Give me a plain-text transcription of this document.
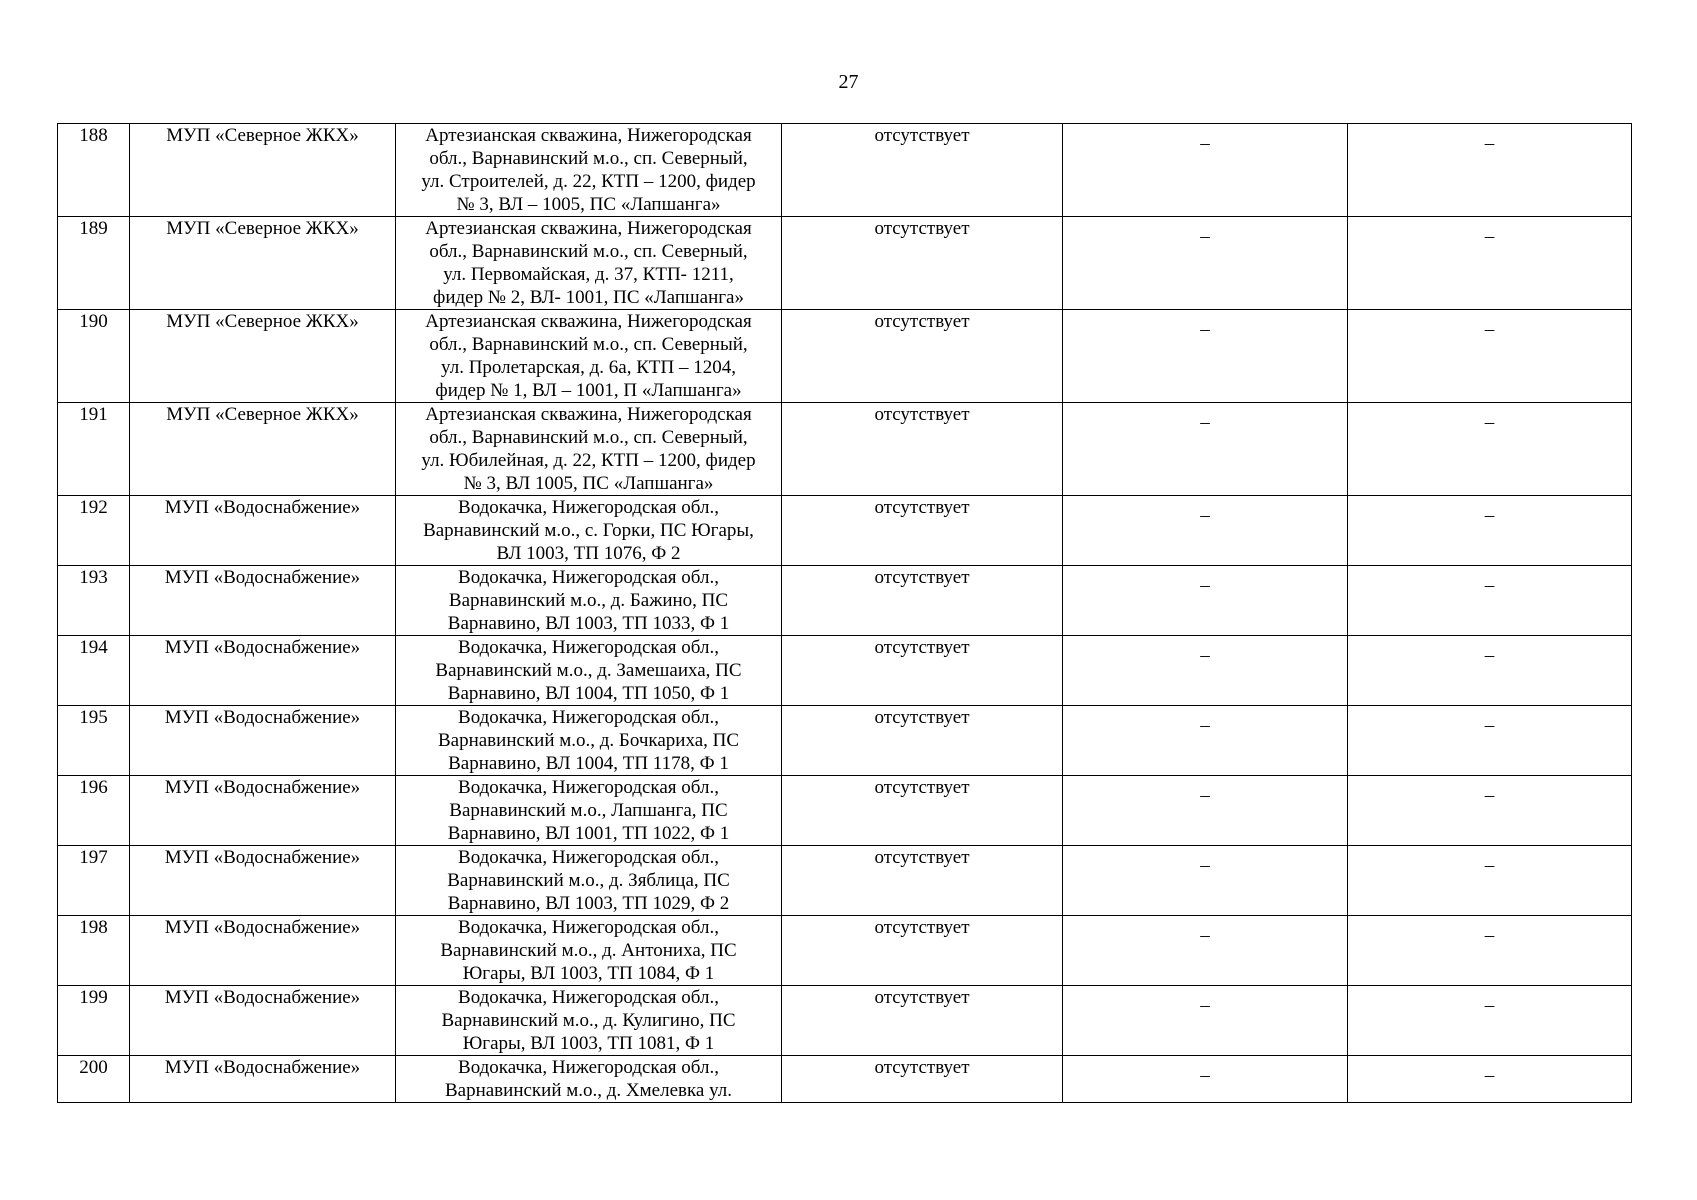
27
188	МУП «Северное ЖКХ»	Артезианская скважина, Нижегородская
обл., Варнавинский м.о., сп. Северный,
ул. Строителей, д. 22, КТП – 1200, фидер
№ 3, ВЛ – 1005, ПС «Лапшанга»	отсутствует	–	–
189	МУП «Северное ЖКХ»	Артезианская скважина, Нижегородская
обл., Варнавинский м.о., сп. Северный,
ул. Первомайская, д. 37, КТП- 1211,
фидер № 2, ВЛ- 1001, ПС «Лапшанга»	отсутствует	–	–
190	МУП «Северное ЖКХ»	Артезианская скважина, Нижегородская
обл., Варнавинский м.о., сп. Северный,
ул. Пролетарская, д. 6а, КТП – 1204,
фидер № 1, ВЛ – 1001, П «Лапшанга»	отсутствует	–	–
191	МУП «Северное ЖКХ»	Артезианская скважина, Нижегородская
обл., Варнавинский м.о., сп. Северный,
ул. Юбилейная, д. 22, КТП – 1200, фидер
№ 3, ВЛ 1005, ПС «Лапшанга»	отсутствует	–	–
192	МУП «Водоснабжение»	Водокачка, Нижегородская обл.,
Варнавинский м.о., с. Горки, ПС Югары,
ВЛ 1003, ТП 1076, Ф 2	отсутствует	–	–
193	МУП «Водоснабжение»	Водокачка, Нижегородская обл.,
Варнавинский м.о., д. Бажино, ПС
Варнавино, ВЛ 1003, ТП 1033, Ф 1	отсутствует	–	–
194	МУП «Водоснабжение»	Водокачка, Нижегородская обл.,
Варнавинский м.о., д. Замешаиха, ПС
Варнавино, ВЛ 1004, ТП 1050, Ф 1	отсутствует	–	–
195	МУП «Водоснабжение»	Водокачка, Нижегородская обл.,
Варнавинский м.о., д. Бочкариха, ПС
Варнавино, ВЛ 1004, ТП 1178, Ф 1	отсутствует	–	–
196	МУП «Водоснабжение»	Водокачка, Нижегородская обл.,
Варнавинский м.о., Лапшанга, ПС
Варнавино, ВЛ 1001, ТП 1022, Ф 1	отсутствует	–	–
197	МУП «Водоснабжение»	Водокачка, Нижегородская обл.,
Варнавинский м.о., д. Зяблица, ПС
Варнавино, ВЛ 1003, ТП 1029, Ф 2	отсутствует	–	–
198	МУП «Водоснабжение»	Водокачка, Нижегородская обл.,
Варнавинский м.о., д. Антониха, ПС
Югары, ВЛ 1003, ТП 1084, Ф 1	отсутствует	–	–
199	МУП «Водоснабжение»	Водокачка, Нижегородская обл.,
Варнавинский м.о., д. Кулигино, ПС
Югары, ВЛ 1003, ТП 1081, Ф 1	отсутствует	–	–
200	МУП «Водоснабжение»	Водокачка, Нижегородская обл.,
Варнавинский м.о., д. Хмелевка ул.	отсутствует	–	–
